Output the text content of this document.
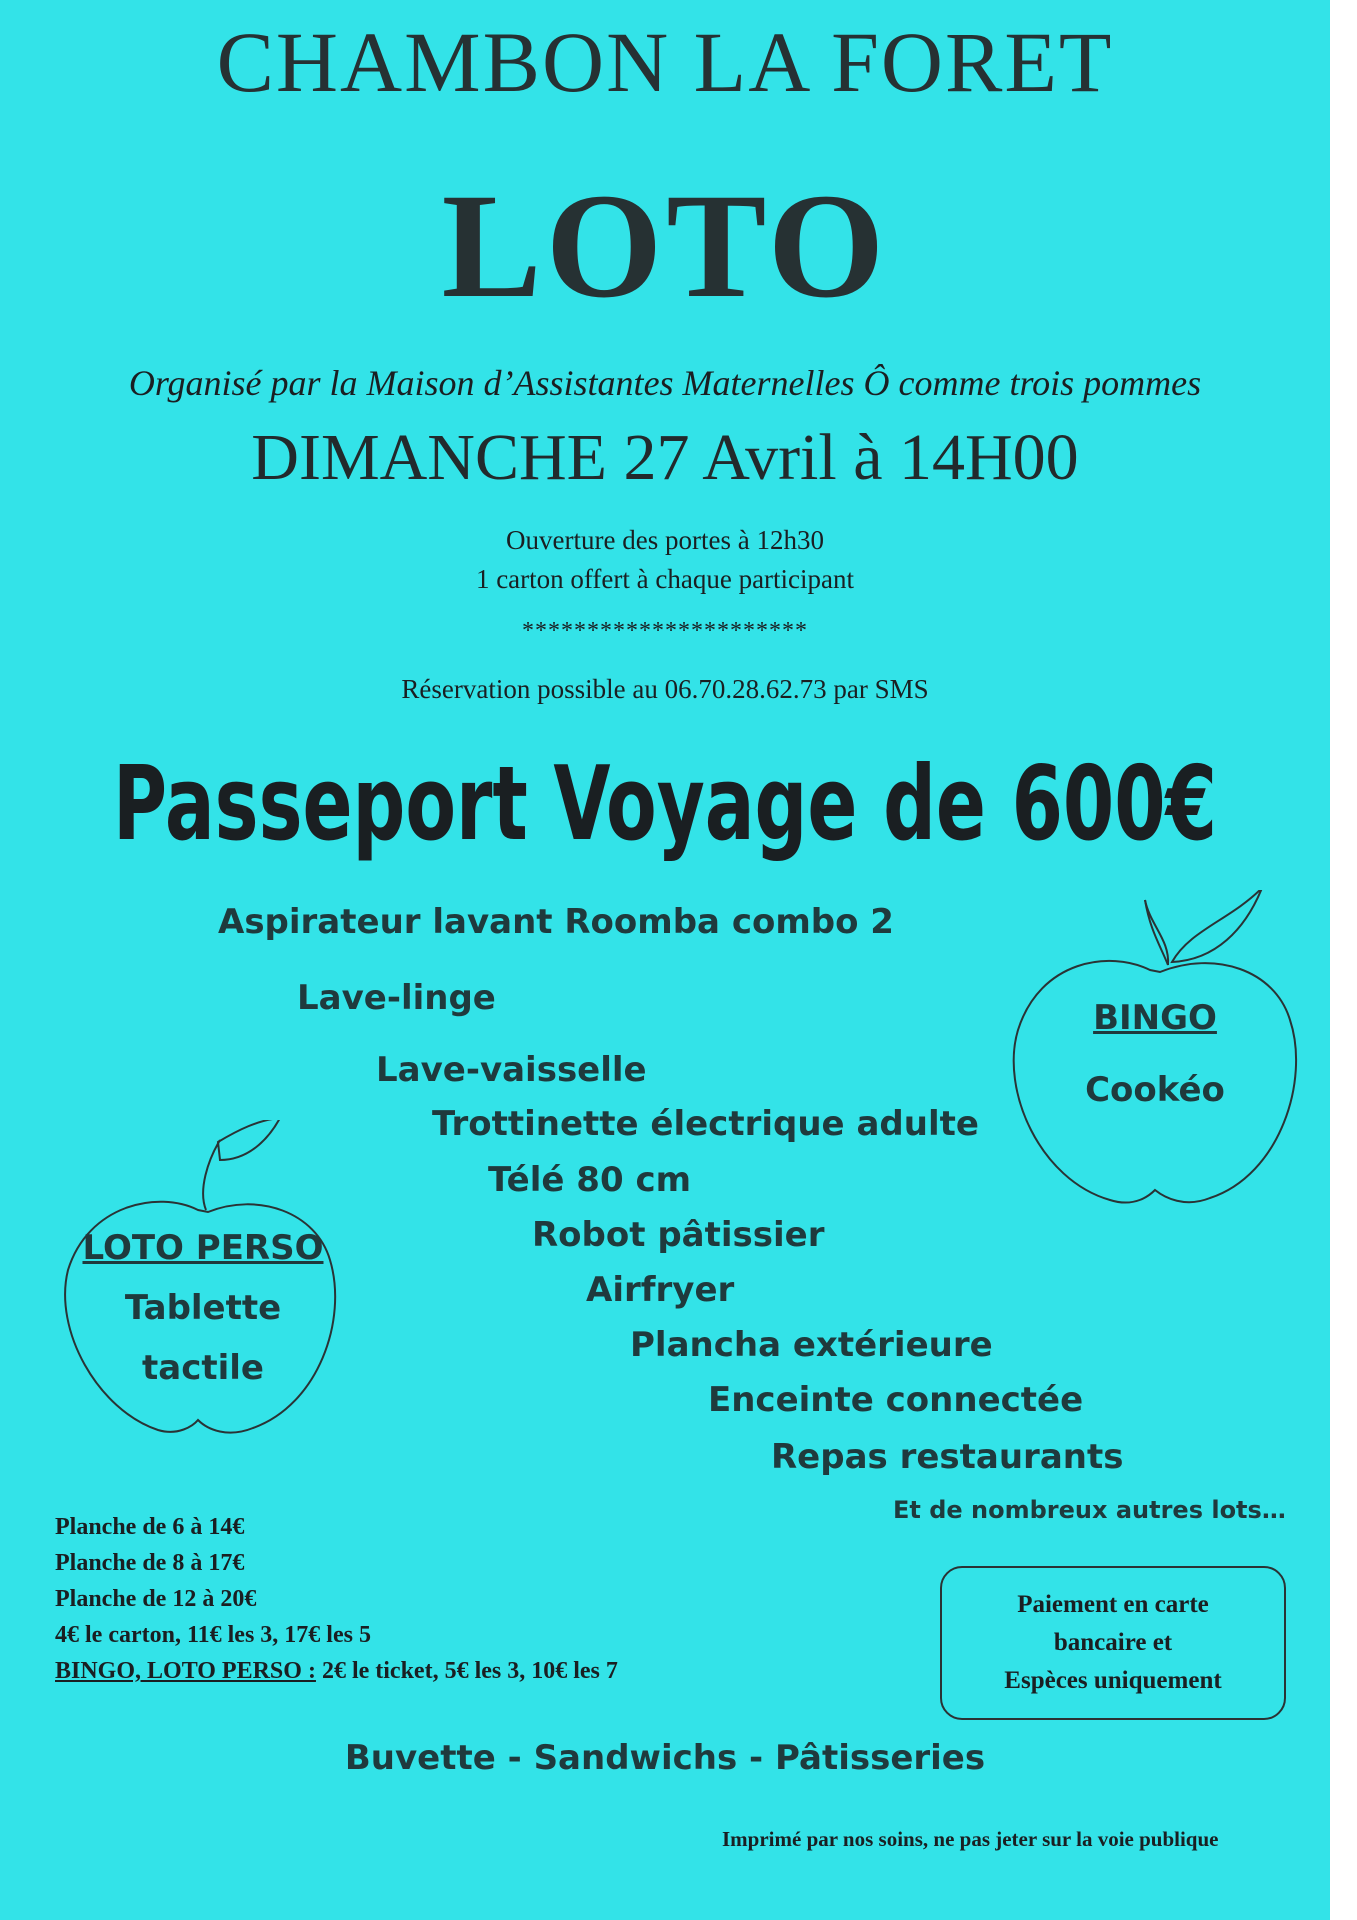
CHAMBON LA FORET
LOTO
Organisé par la Maison d’Assistantes Maternelles Ô comme trois pommes
DIMANCHE 27 Avril à 14H00
Ouverture des portes à 12h30
1 carton offert à chaque participant
**********************
Réservation possible au 06.70.28.62.73 par SMS
Passeport Voyage de 600€
Aspirateur lavant Roomba combo 2
Lave-linge
Lave-vaisselle
Trottinette électrique adulte
Télé 80 cm
Robot pâtissier
Airfryer
Plancha extérieure
Enceinte connectée
Repas restaurants
Et de nombreux autres lots…
BINGO
Cookéo
LOTO PERSO
Tablette
tactile
Planche de 6 à 14€
Planche de 8 à 17€
Planche de 12 à 20€
4€ le carton, 11€ les 3, 17€ les 5
BINGO, LOTO PERSO : 2€ le ticket, 5€ les 3, 10€ les 7
Paiement en carte
bancaire et
Espèces uniquement
Buvette - Sandwichs - Pâtisseries
Imprimé par nos soins, ne pas jeter sur la voie publique
